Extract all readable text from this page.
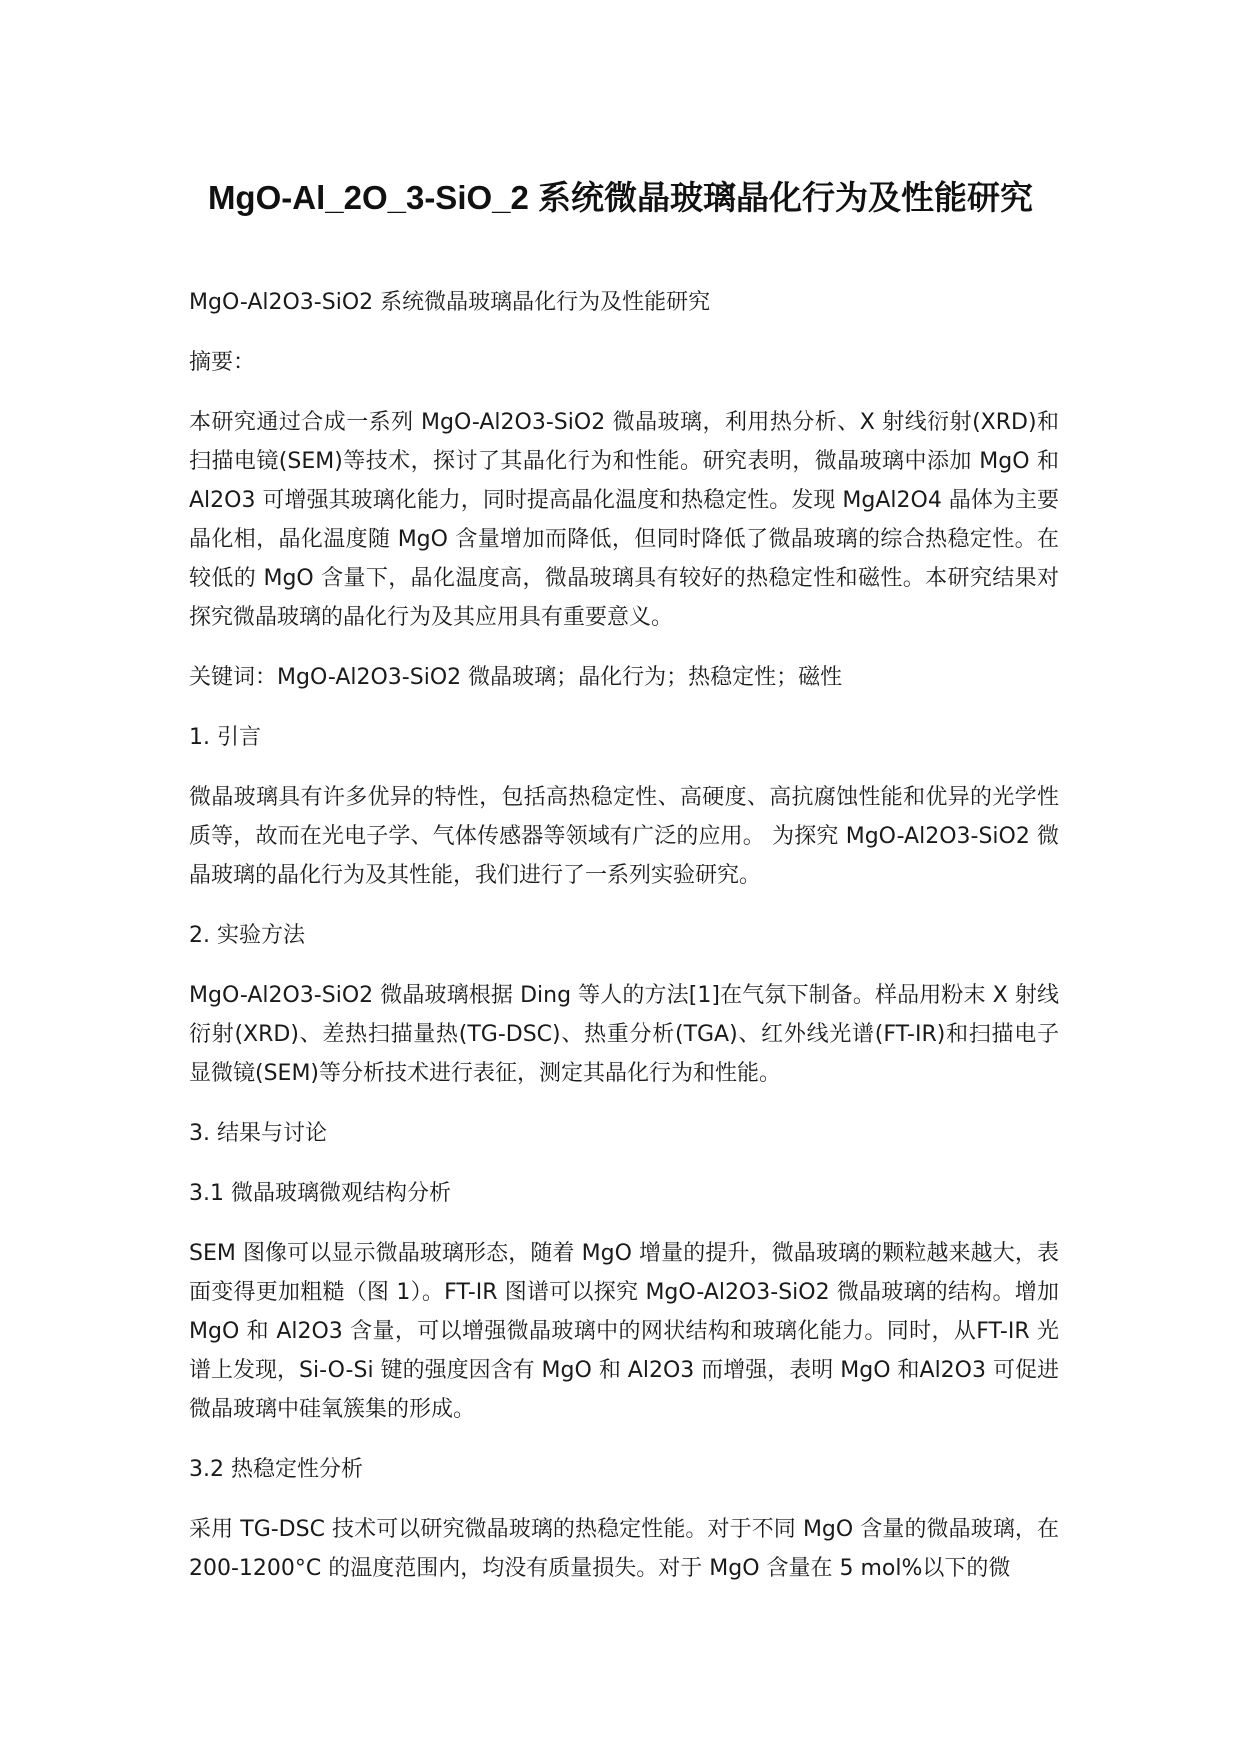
MgO-Al_2O_3-SiO_2 系统微晶玻璃晶化行为及性能研究

MgO-Al2O3-SiO2 系统微晶玻璃晶化行为及性能研究

摘要：

本研究通过合成一系列 MgO-Al2O3-SiO2 微晶玻璃，利用热分析、X 射线衍射(XRD)和扫描电镜(SEM)等技术，探讨了其晶化行为和性能。研究表明，微晶玻璃中添加 MgO 和 Al2O3 可增强其玻璃化能力，同时提高晶化温度和热稳定性。发现 MgAl2O4 晶体为主要晶化相，晶化温度随 MgO 含量增加而降低，但同时降低了微晶玻璃的综合热稳定性。在较低的 MgO 含量下，晶化温度高，微晶玻璃具有较好的热稳定性和磁性。本研究结果对探究微晶玻璃的晶化行为及其应用具有重要意义。

关键词：MgO-Al2O3-SiO2 微晶玻璃；晶化行为；热稳定性；磁性

1. 引言

微晶玻璃具有许多优异的特性，包括高热稳定性、高硬度、高抗腐蚀性能和优异的光学性质等，故而在光电子学、气体传感器等领域有广泛的应用。 为探究 MgO-Al2O3-SiO2 微晶玻璃的晶化行为及其性能，我们进行了一系列实验研究。

2. 实验方法

MgO-Al2O3-SiO2 微晶玻璃根据 Ding 等人的方法[1]在气氛下制备。样品用粉末 X 射线衍射(XRD)、差热扫描量热(TG-DSC)、热重分析(TGA)、红外线光谱(FT-IR)和扫描电子显微镜(SEM)等分析技术进行表征，测定其晶化行为和性能。

3. 结果与讨论

3.1 微晶玻璃微观结构分析

SEM 图像可以显示微晶玻璃形态，随着 MgO 增量的提升，微晶玻璃的颗粒越来越大，表面变得更加粗糙（图 1）。FT-IR 图谱可以探究 MgO-Al2O3-SiO2 微晶玻璃的结构。增加 MgO 和 Al2O3 含量，可以增强微晶玻璃中的网状结构和玻璃化能力。同时，从FT-IR 光谱上发现，Si-O-Si 键的强度因含有 MgO 和 Al2O3 而增强，表明 MgO 和Al2O3 可促进微晶玻璃中硅氧簇集的形成。

3.2 热稳定性分析

采用 TG-DSC 技术可以研究微晶玻璃的热稳定性能。对于不同 MgO 含量的微晶玻璃，在 200-1200°C 的温度范围内，均没有质量损失。对于 MgO 含量在 5 mol%以下的微
